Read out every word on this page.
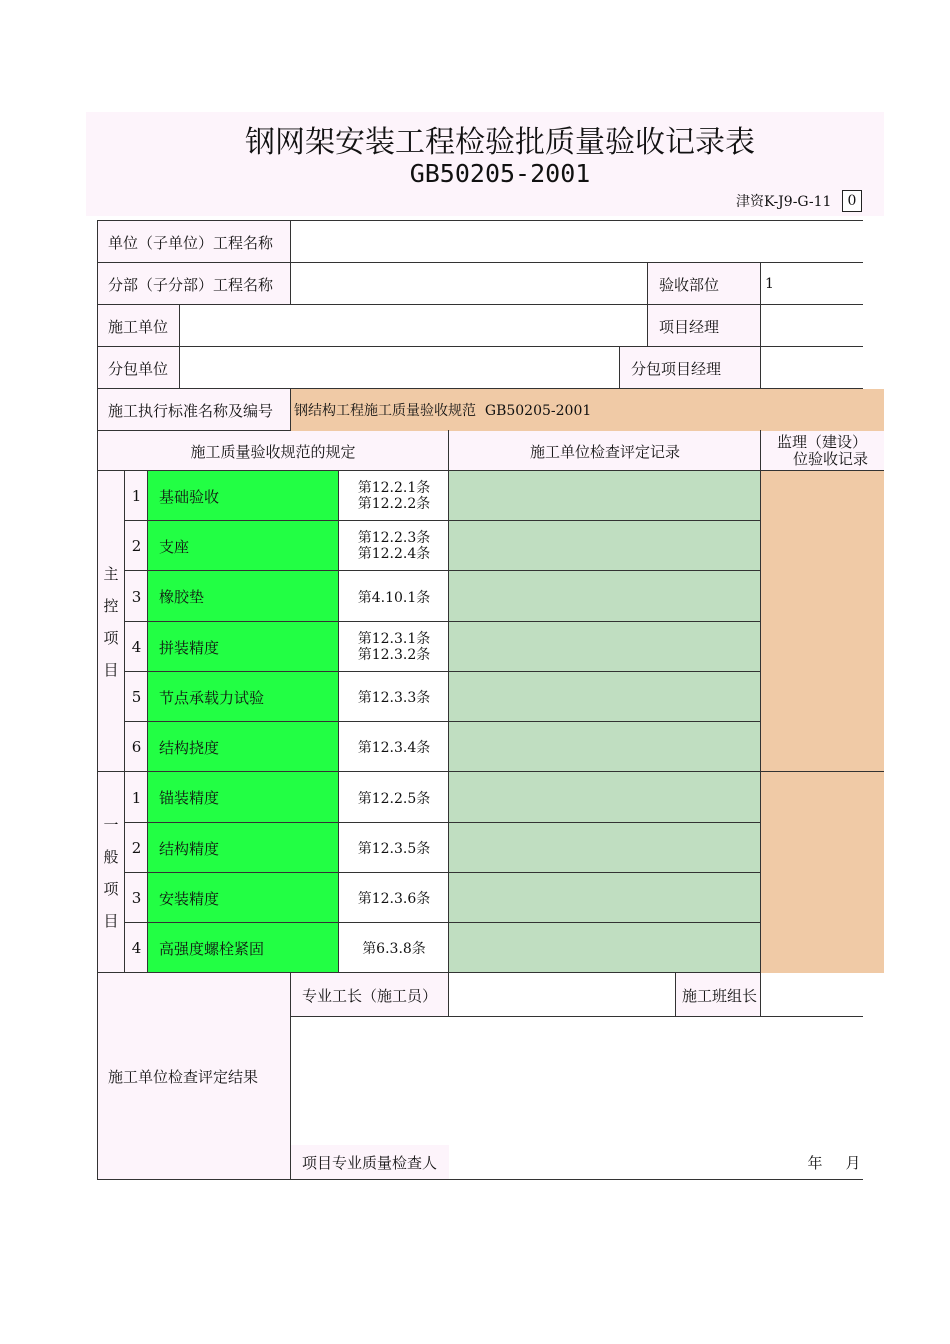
钢网架安装工程检验批质量验收记录表
GB50205-2001
津资K-J9-G-11	0
单位（子单位）工程名称
分部（子分部）工程名称	验收部位	1
施工单位	项目经理
分包单位	分包项目经理
施工执行标准名称及编号	钢结构工程施工质量验收规范  GB50205-2001
施工质量验收规范的规定	施工单位检查评定记录
监理（建设）
位验收记录
主
控
项
目
一
般
项
目
1	基础验收	第12.2.1条
第12.2.2条
2	支座	第12.2.3条
第12.2.4条
3	橡胶垫	第4.10.1条
4	拼装精度	第12.3.1条
第12.3.2条
5	节点承载力试验	第12.3.3条
6	结构挠度	第12.3.4条
1	锚装精度	第12.2.5条
2	结构精度	第12.3.5条
3	安装精度	第12.3.6条
4	高强度螺栓紧固	第6.3.8条
施工单位检查评定结果
专业工长（施工员）	施工班组长
项目专业质量检查人	年	月
